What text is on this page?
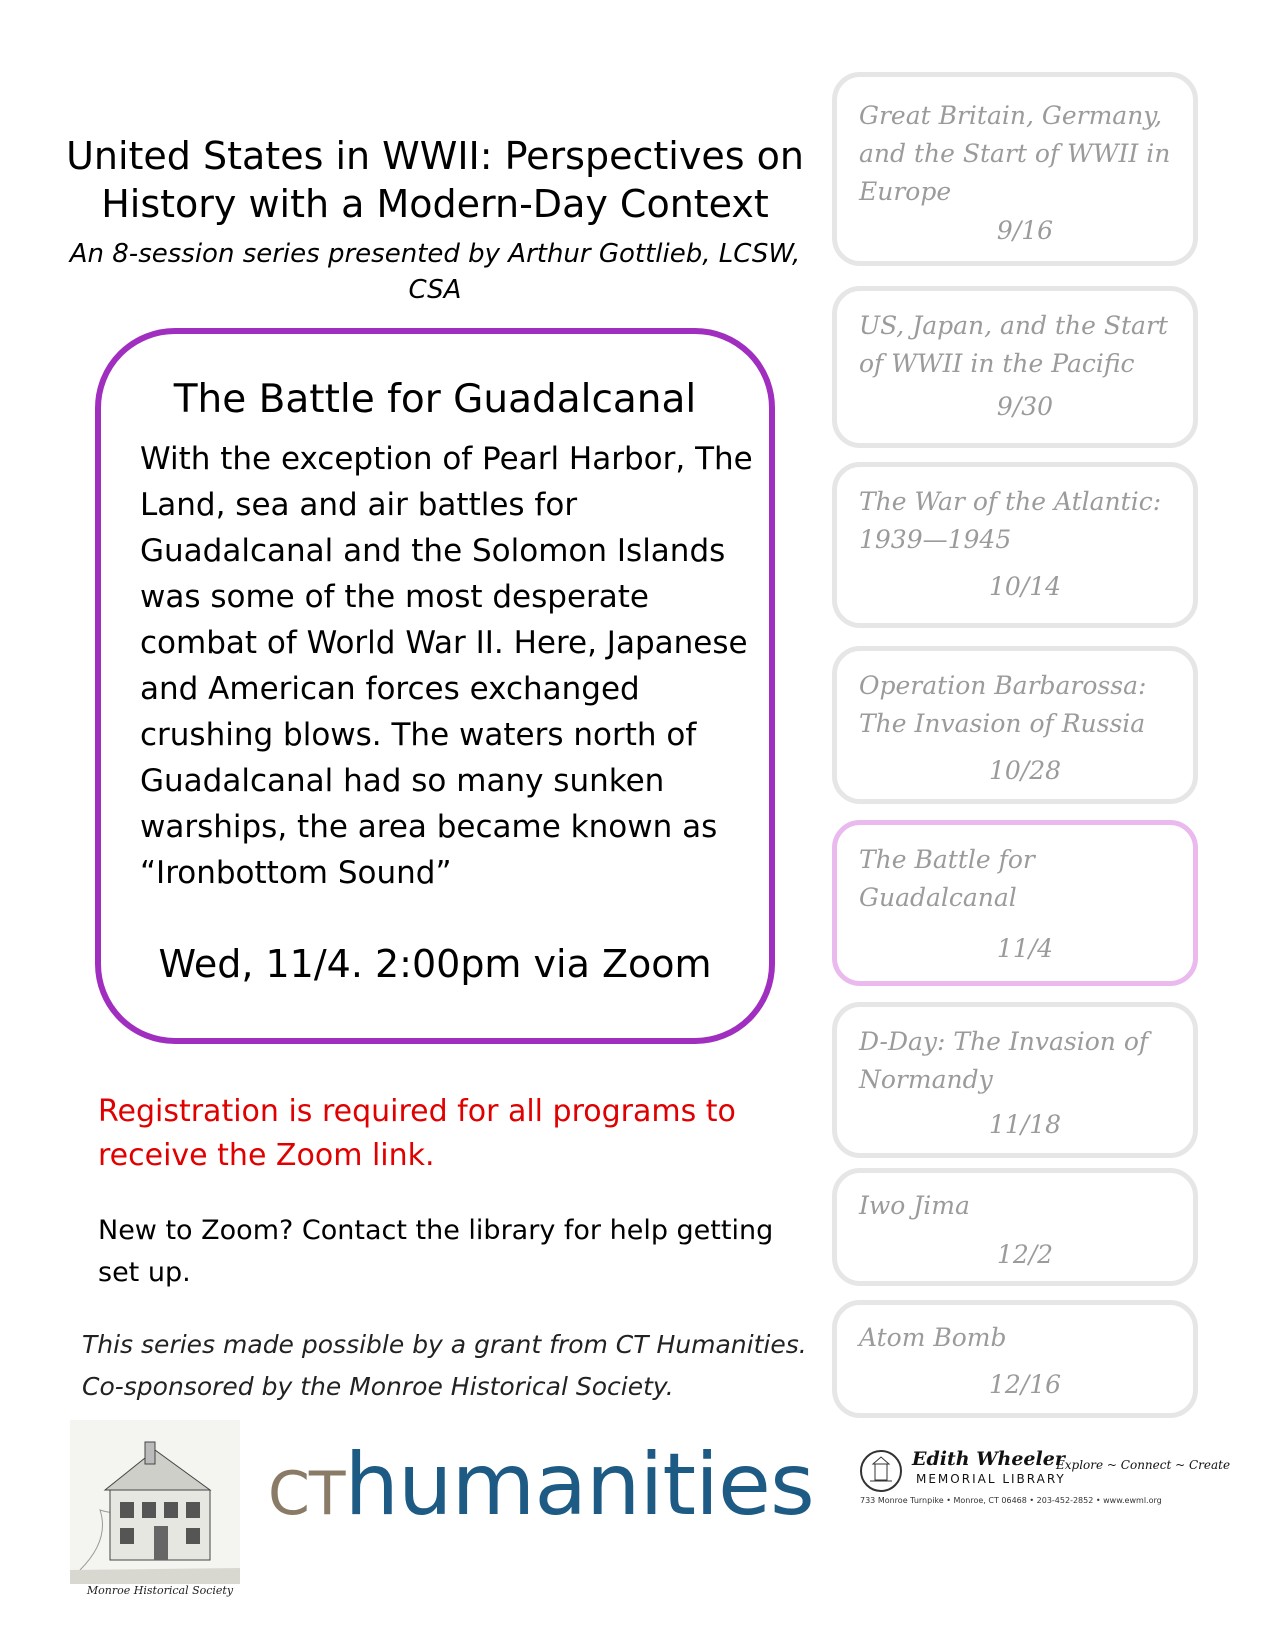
United States in WWII: Perspectives on History with a Modern-Day Context
An 8-session series presented by Arthur Gottlieb, LCSW, CSA
The Battle for Guadalcanal
With the exception of Pearl Harbor, The Land, sea and air battles for Guadalcanal and the Solomon Islands was some of the most desperate combat of World War II. Here, Japanese and American forces exchanged crushing blows. The waters north of Guadalcanal had so many sunken warships, the area became known as “Ironbottom Sound”
Wed, 11/4. 2:00pm via Zoom
Registration is required for all programs to receive the Zoom link.
New to Zoom? Contact the library for help getting set up.
This series made possible by a grant from CT Humanities.
Co-sponsored by the Monroe Historical Society.
Great Britain, Germany, and the Start of WWII in Europe
9/16
US, Japan, and the Start of WWII in the Pacific
9/30
The War of the Atlantic: 1939—1945
10/14
Operation Barbarossa: The Invasion of Russia
10/28
The Battle for Guadalcanal
11/4
D-Day: The Invasion of Normandy
11/18
Iwo Jima
12/2
Atom Bomb
12/16
Monroe Historical Society
cthumanities	Edith Wheeler
MEMORIAL LIBRARY
Explore ~ Connect ~ Create
733 Monroe Turnpike • Monroe, CT 06468 • 203-452-2852 • www.ewml.org
